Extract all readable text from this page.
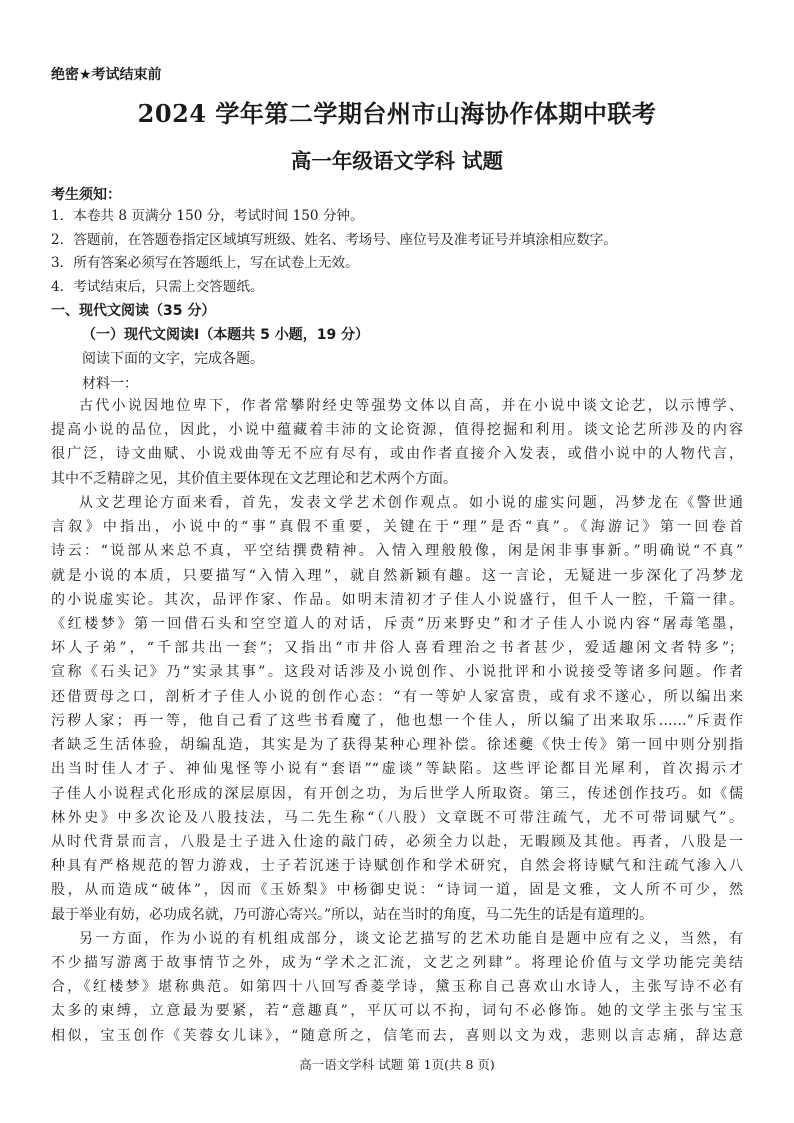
绝密★考试结束前
2024 学年第二学期台州市山海协作体期中联考
高一年级语文学科 试题
考生须知：
1．本卷共 8 页满分 150 分，考试时间 150 分钟。
2．答题前，在答题卷指定区域填写班级、姓名、考场号、座位号及准考证号并填涂相应数字。
3．所有答案必须写在答题纸上，写在试卷上无效。
4．考试结束后，只需上交答题纸。
一、现代文阅读（35 分）
（一）现代文阅读Ⅰ（本题共 5 小题，19 分）
阅读下面的文字，完成各题。
材料一：
古代小说因地位卑下，作者常攀附经史等强势文体以自高，并在小说中谈文论艺，以示博学、
提高小说的品位，因此，小说中蕴藏着丰沛的文论资源，值得挖掘和利用。谈文论艺所涉及的内容
很广泛，诗文曲赋、小说戏曲等无不应有尽有，或由作者直接介入发表，或借小说中的人物代言，
其中不乏精辟之见，其价值主要体现在文艺理论和艺术两个方面。
从文艺理论方面来看，首先，发表文学艺术创作观点。如小说的虚实问题，冯梦龙在《警世通
言叙》中指出，小说中的“事”真假不重要，关键在于“理”是否“真”。《海游记》第一回卷首
诗云：“说部从来总不真，平空结撰费精神。入情入理般般像，闲是闲非事事新。”明确说“不真”
就是小说的本质，只要描写“入情入理”，就自然新颖有趣。这一言论，无疑进一步深化了冯梦龙
的小说虚实论。其次，品评作家、作品。如明末清初才子佳人小说盛行，但千人一腔，千篇一律。
《红楼梦》第一回借石头和空空道人的对话，斥责“历来野史”和才子佳人小说内容“屠毒笔墨，
坏人子弟”，“千部共出一套”；又指出“市井俗人喜看理治之书者甚少，爱适趣闲文者特多”；
宣称《石头记》乃“实录其事”。这段对话涉及小说创作、小说批评和小说接受等诸多问题。作者
还借贾母之口，剖析才子佳人小说的创作心态：“有一等妒人家富贵，或有求不遂心，所以编出来
污秽人家；再一等，他自己看了这些书看魔了，他也想一个佳人，所以编了出来取乐……”斥责作
者缺乏生活体验，胡编乱造，其实是为了获得某种心理补偿。徐述夔《快士传》第一回中则分别指
出当时佳人才子、神仙鬼怪等小说有“套语”“虚谈”等缺陷。这些评论都目光犀利，首次揭示才
子佳人小说程式化形成的深层原因，有开创之功，为后世学人所取资。第三，传述创作技巧。如《儒
林外史》中多次论及八股技法，马二先生称“（八股）文章既不可带注疏气，尤不可带词赋气”。
从时代背景而言，八股是士子进入仕途的敲门砖，必须全力以赴，无暇顾及其他。再者，八股是一
种具有严格规范的智力游戏，士子若沉迷于诗赋创作和学术研究，自然会将诗赋气和注疏气渗入八
股，从而造成“破体”，因而《玉娇梨》中杨御史说：“诗词一道，固是文雅，文人所不可少，然
最于举业有妨，必功成名就，乃可游心寄兴。”所以，站在当时的角度，马二先生的话是有道理的。
另一方面，作为小说的有机组成部分，谈文论艺描写的艺术功能自是题中应有之义，当然，有
不少描写游离于故事情节之外，成为“学术之汇流，文艺之列肆”。将理论价值与文学功能完美结
合，《红楼梦》堪称典范。如第四十八回写香菱学诗，黛玉称自己喜欢山水诗人，主张写诗不必有
太多的束缚，立意最为要紧，若“意趣真”，平仄可以不拘，词句不必修饰。她的文学主张与宝玉
相似，宝玉创作《芙蓉女儿诔》，“随意所之，信笔而去，喜则以文为戏，悲则以言志痛，辞达意
高一语文学科 试题 第 1页(共 8 页)
